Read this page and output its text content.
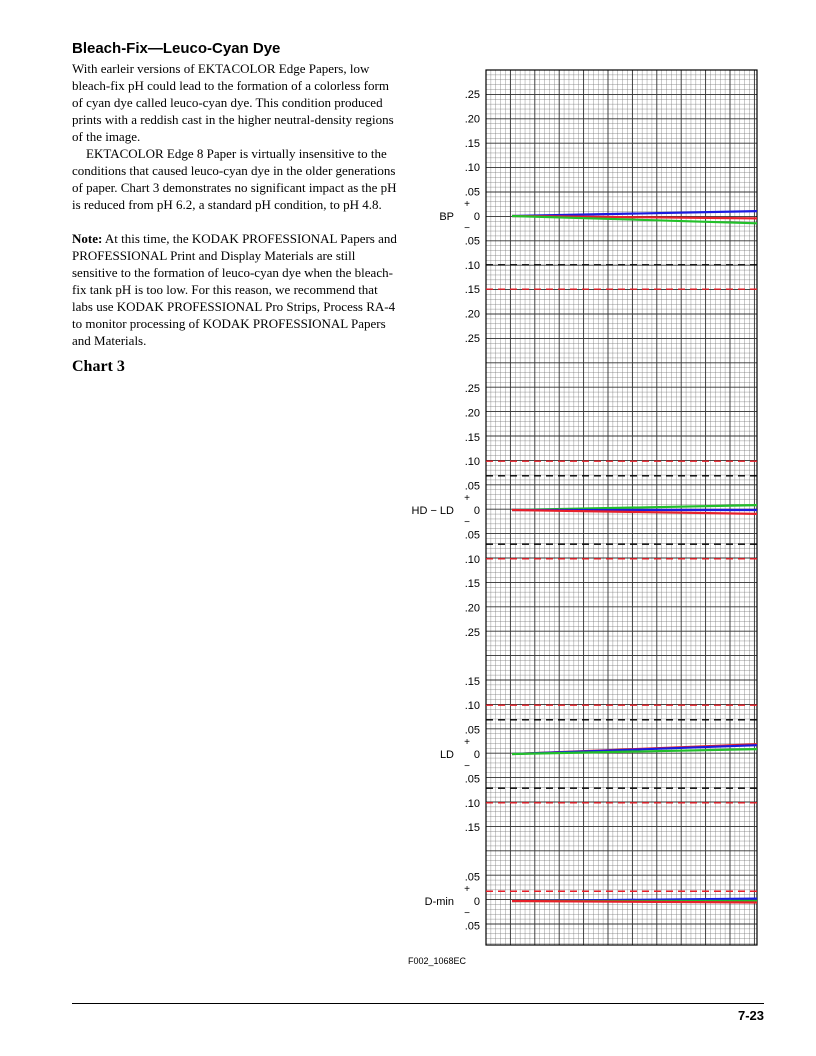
Bleach-Fix—Leuco-Cyan Dye

With earleir versions of EKTACOLOR Edge Papers, low bleach-fix pH could lead to the formation of a colorless form of cyan dye called leuco-cyan dye. This condition produced prints with a reddish cast in the higher neutral-density regions of the image.

EKTACOLOR Edge 8 Paper is virtually insensitive to the conditions that caused leuco-cyan dye in the older generations of paper. Chart 3 demonstrates no significant impact as the pH is reduced from pH 6.2, a standard pH condition, to pH 4.8.

Note: At this time, the KODAK PROFESSIONAL Papers and PROFESSIONAL Print and Display Materials are still sensitive to the formation of leuco-cyan dye when the bleach-fix tank pH is too low. For this reason, we recommend that labs use KODAK PROFESSIONAL Pro Strips, Process RA-4 to monitor processing of KODAK PROFESSIONAL Papers and Materials.

Chart 3
.25
.20
.15
.10
.05
0
.05
.10
.15
.20
.25
+
−
BP
.25
.20
.15
.10
.05
0
.05
.10
.15
.20
.25
+
−
HD − LD
.15
.10
.05
0
.05
.10
.15
+
−
LD
.05
0
.05
+
−
D-min
F002_1068EC
7-23
